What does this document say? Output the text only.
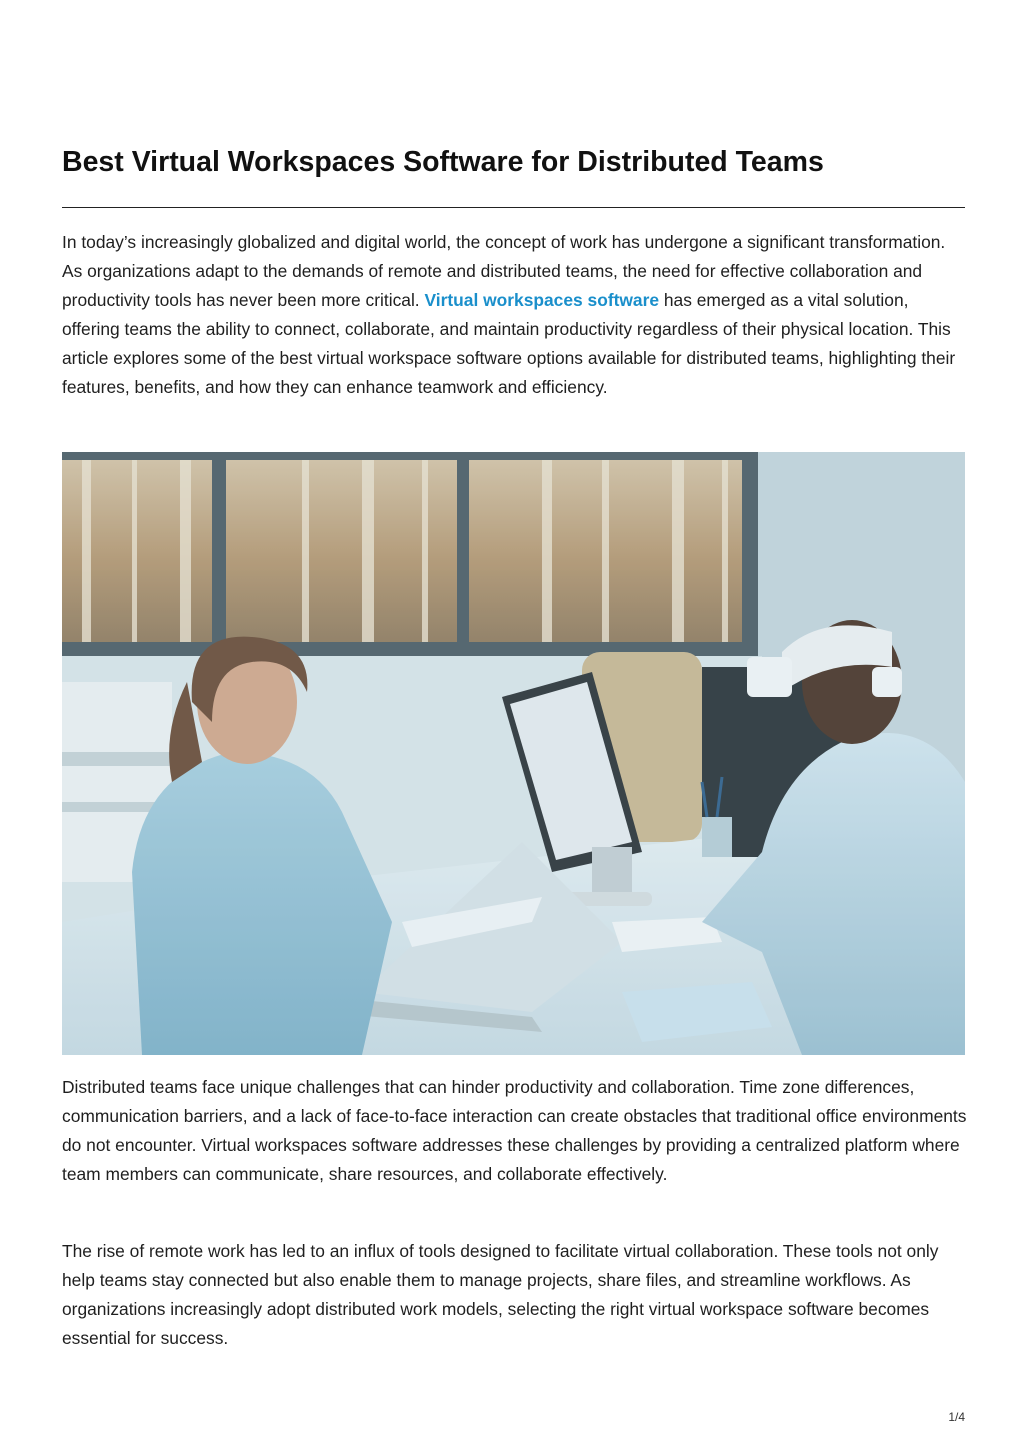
Best Virtual Workspaces Software for Distributed Teams

In today’s increasingly globalized and digital world, the concept of work has undergone a significant transformation. As organizations adapt to the demands of remote and distributed teams, the need for effective collaboration and productivity tools has never been more critical. Virtual workspaces software has emerged as a vital solution, offering teams the ability to connect, collaborate, and maintain productivity regardless of their physical location. This article explores some of the best virtual workspace software options available for distributed teams, highlighting their features, benefits, and how they can enhance teamwork and efficiency.

Distributed teams face unique challenges that can hinder productivity and collaboration. Time zone differences, communication barriers, and a lack of face-to-face interaction can create obstacles that traditional office environments do not encounter. Virtual workspaces software addresses these challenges by providing a centralized platform where team members can communicate, share resources, and collaborate effectively.

The rise of remote work has led to an influx of tools designed to facilitate virtual collaboration. These tools not only help teams stay connected but also enable them to manage projects, share files, and streamline workflows. As organizations increasingly adopt distributed work models, selecting the right virtual workspace software becomes essential for success.

1/4
